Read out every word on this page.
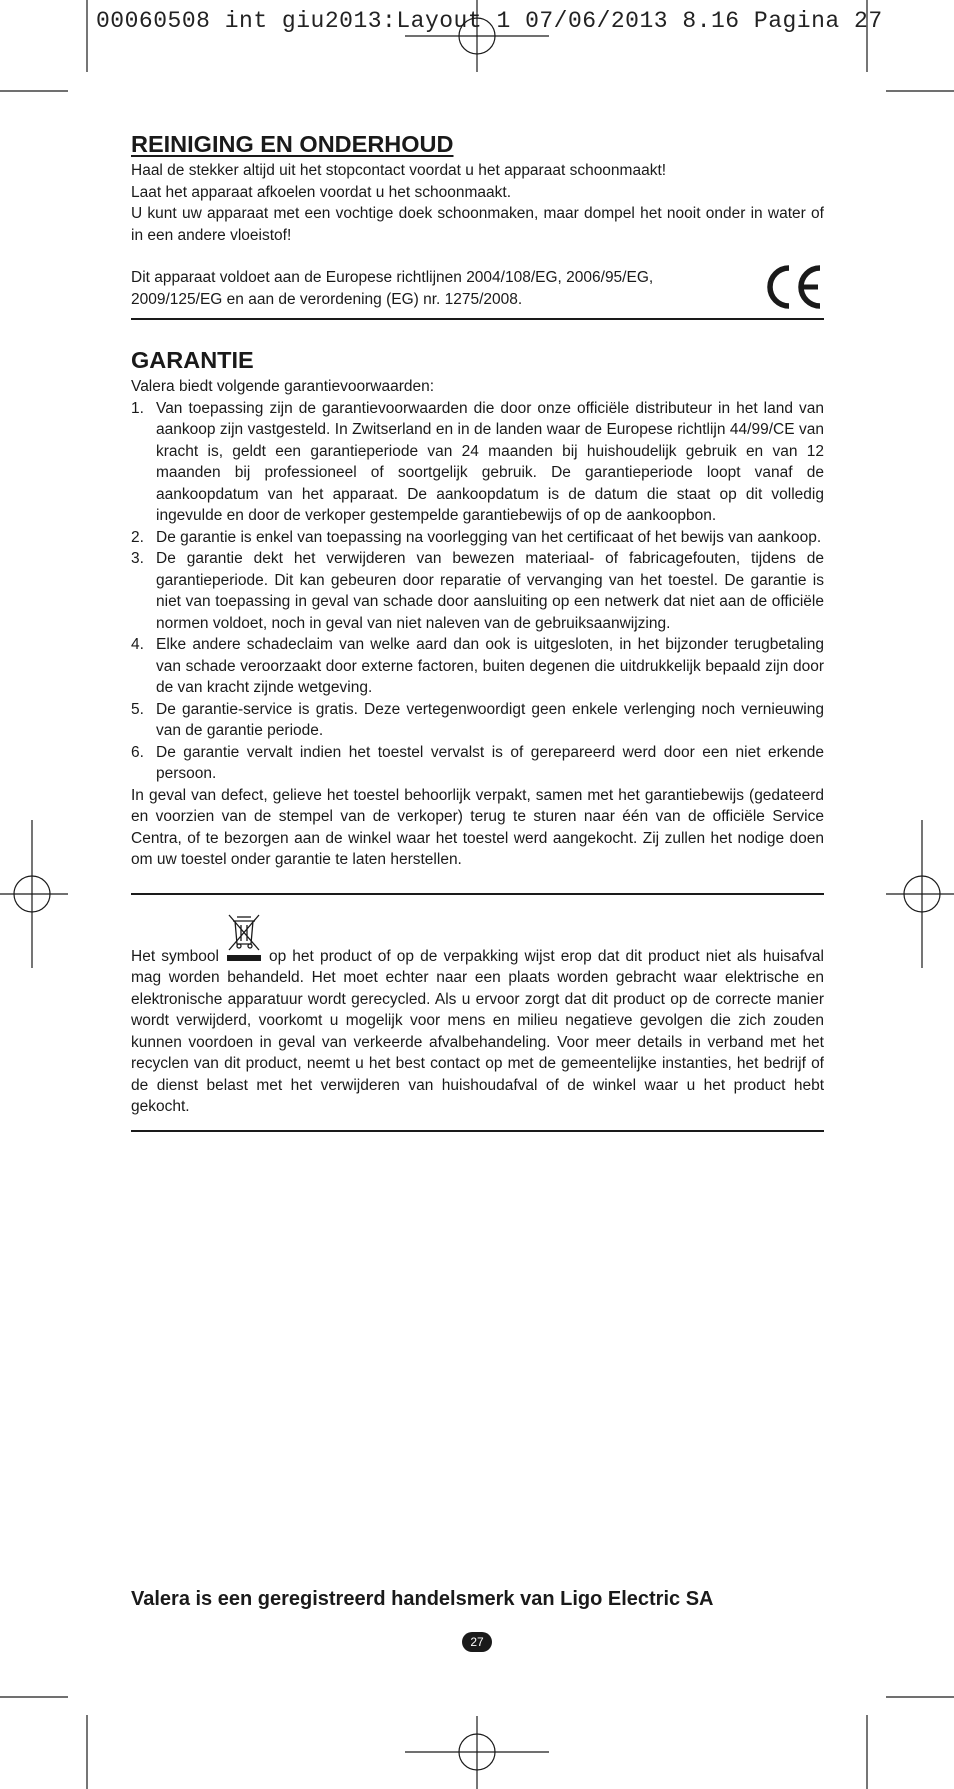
00060508 int giu2013:Layout 1 07/06/2013 8.16 Pagina 27
REINIGING EN ONDERHOUD

Haal de stekker altijd uit het stopcontact voordat u het apparaat schoonmaakt!

Laat het apparaat afkoelen voordat u het schoonmaakt.

U kunt uw apparaat met een vochtige doek schoonmaken, maar dompel het nooit onder in water of in een andere vloeistof!

Dit apparaat voldoet aan de Europese richtlijnen 2004/108/EG, 2006/95/EG, 2009/125/EG en aan de verordening (EG) nr. 1275/2008.

GARANTIE

Valera biedt volgende garantievoorwaarden:

1. Van toepassing zijn de garantievoorwaarden die door onze officiële distributeur in het land van aankoop zijn vastgesteld. In Zwitserland en in de landen waar de Europese richtlijn 44/99/CE van kracht is, geldt een garantieperiode van 24 maanden bij huishoudelijk gebruik en van 12 maanden bij professioneel of soortgelijk gebruik. De garantieperiode loopt vanaf de aankoopdatum van het apparaat. De aankoopdatum is de datum die staat op dit volledig ingevulde en door de verkoper gestempelde garantiebewijs of op de aankoopbon.
2. De garantie is enkel van toepassing na voorlegging van het certificaat of het bewijs van aankoop.
3. De garantie dekt het verwijderen van bewezen materiaal- of fabricagefouten, tijdens de garantieperiode. Dit kan gebeuren door reparatie of vervanging van het toestel. De garantie is niet van toepassing in geval van schade door aansluiting op een netwerk dat niet aan de officiële normen voldoet, noch in geval van niet naleven van de gebruiksaanwijzing.
4. Elke andere schadeclaim van welke aard dan ook is uitgesloten, in het bijzonder terugbetaling van schade veroorzaakt door externe factoren, buiten degenen die uitdrukkelijk bepaald zijn door de van kracht zijnde wetgeving.
5. De garantie-service is gratis. Deze vertegenwoordigt geen enkele verlenging noch vernieuwing van de garantie periode.
6. De garantie vervalt indien het toestel vervalst is of gerepareerd werd door een niet erkende persoon.

In geval van defect, gelieve het toestel behoorlijk verpakt, samen met het garantiebewijs (gedateerd en voorzien van de stempel van de verkoper) terug te sturen naar één van de officiële Service Centra, of te bezorgen aan de winkel waar het toestel werd aangekocht. Zij zullen het nodige doen om uw toestel onder garantie te laten herstellen.

Het symbool	op het product of op de verpakking wijst erop dat dit product niet als huisafval mag worden behandeld. Het moet echter naar een plaats worden gebracht waar elektrische en elektronische apparatuur wordt gerecycled. Als u ervoor zorgt dat dit product op de correcte manier wordt verwijderd, voorkomt u mogelijk voor mens en milieu negatieve gevolgen die zich zouden kunnen voordoen in geval van verkeerde afvalbehandeling. Voor meer details in verband met het recyclen van dit product, neemt u het best contact op met de gemeentelijke instanties, het bedrijf of de dienst belast met het verwijderen van huishoudafval of de winkel waar u het product hebt gekocht.

Valera is een geregistreerd handelsmerk van Ligo Electric SA
27
